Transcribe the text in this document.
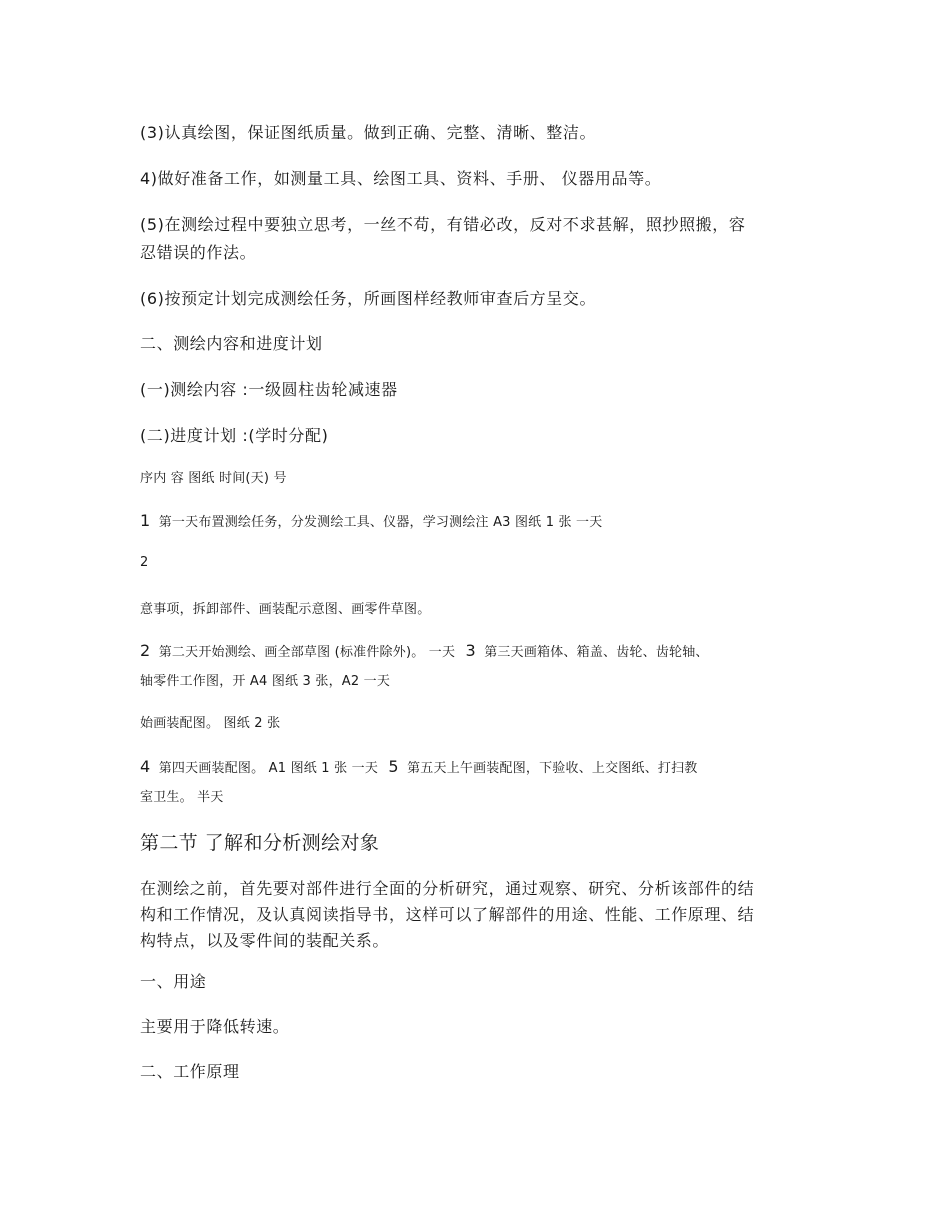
(3)认真绘图，保证图纸质量。做到正确、完整、清晰、整洁。

4)做好准备工作，如测量工具、绘图工具、资料、手册、 仪器用品等。

(5)在测绘过程中要独立思考，一丝不苟，有错必改，反对不求甚解，照抄照搬，容

忍错误的作法。

(6)按预定计划完成测绘任务，所画图样经教师审查后方呈交。

二、测绘内容和进度计划

(一)测绘内容 :一级圆柱齿轮减速器

(二)进度计划 :(学时分配)

序内 容 图纸 时间(天) 号

1 第一天布置测绘任务，分发测绘工具、仪器，学习测绘注 A3 图纸 1 张 一天

2

意事项，拆卸部件、画装配示意图、画零件草图。

2 第二天开始测绘、画全部草图 (标准件除外)。 一天 3 第三天画箱体、箱盖、齿轮、齿轮轴、

轴零件工作图，开 A4 图纸 3 张，A2 一天

始画装配图。 图纸 2 张

4 第四天画装配图。 A1 图纸 1 张 一天 5 第五天上午画装配图，下验收、上交图纸、打扫教

室卫生。 半天

第二节 了解和分析测绘对象

在测绘之前，首先要对部件进行全面的分析研究，通过观察、研究、分析该部件的结

构和工作情况，及认真阅读指导书，这样可以了解部件的用途、性能、工作原理、结

构特点，以及零件间的装配关系。

一、用途

主要用于降低转速。

二、工作原理
